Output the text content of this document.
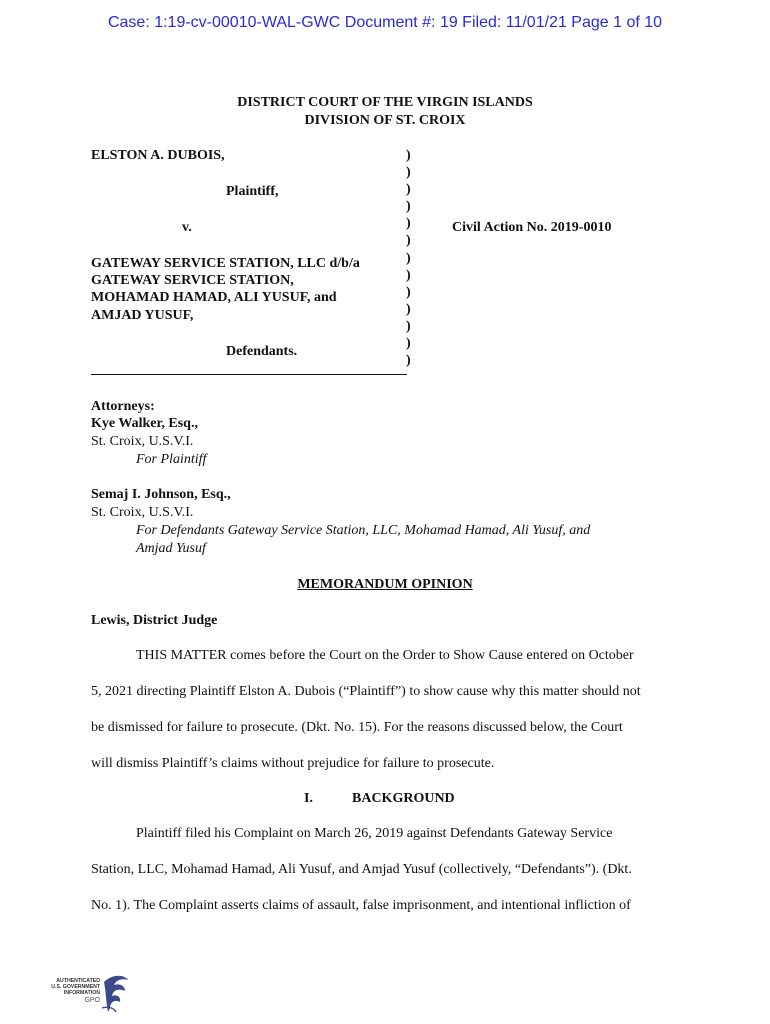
Case: 1:19-cv-00010-WAL-GWC Document #: 19 Filed: 11/01/21 Page 1 of 10
DISTRICT COURT OF THE VIRGIN ISLANDS
DIVISION OF ST. CROIX
ELSTON A. DUBOIS,
Plaintiff,
v.
GATEWAY SERVICE STATION, LLC d/b/a
GATEWAY SERVICE STATION,
MOHAMAD HAMAD, ALI YUSUF, and
AMJAD YUSUF,
Defendants.
)
)
)
)
)
)
)
)
)
)
)
)
)
Civil Action No. 2019-0010
Attorneys:
Kye Walker, Esq.,
St. Croix, U.S.V.I.
For Plaintiff
Semaj I. Johnson, Esq.,
St. Croix, U.S.V.I.
For Defendants Gateway Service Station, LLC, Mohamad Hamad, Ali Yusuf, and
Amjad Yusuf
MEMORANDUM OPINION
Lewis, District Judge
THIS MATTER comes before the Court on the Order to Show Cause entered on October
5, 2021 directing Plaintiff Elston A. Dubois (“Plaintiff”) to show cause why this matter should not
be dismissed for failure to prosecute. (Dkt. No. 15). For the reasons discussed below, the Court
will dismiss Plaintiff’s claims without prejudice for failure to prosecute.
I.	BACKGROUND
Plaintiff filed his Complaint on March 26, 2019 against Defendants Gateway Service
Station, LLC, Mohamad Hamad, Ali Yusuf, and Amjad Yusuf (collectively, “Defendants”). (Dkt.
No. 1). The Complaint asserts claims of assault, false imprisonment, and intentional infliction of
AUTHENTICATED
U.S. GOVERNMENT
INFORMATION
GPO
